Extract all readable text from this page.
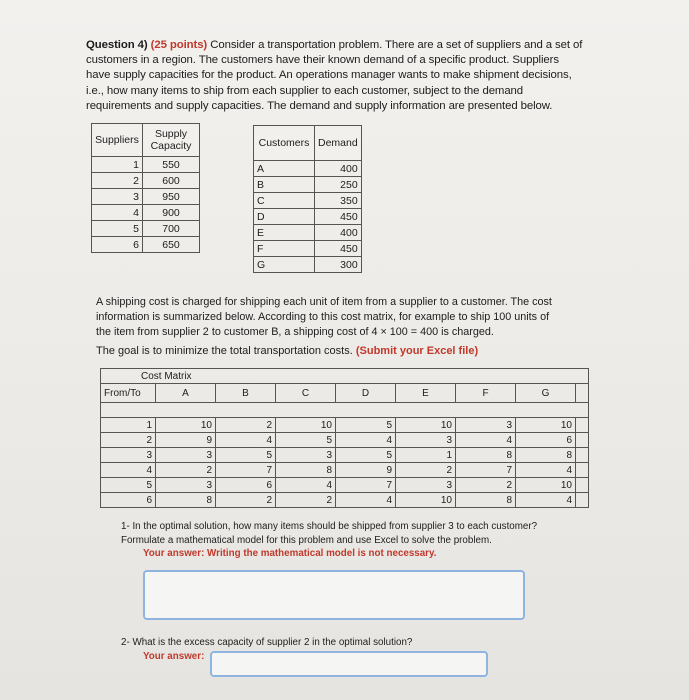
Question 4) (25 points) Consider a transportation problem. There are a set of suppliers and a set of customers in a region. The customers have their known demand of a specific product. Suppliers have supply capacities for the product. An operations manager wants to make shipment decisions, i.e., how many items to ship from each supplier to each customer, subject to the demand requirements and supply capacities. The demand and supply information are presented below.
Suppliers	Supply Capacity
1	550
2	600
3	950
4	900
5	700
6	650
Customers	Demand
A	400
B	250
C	350
D	450
E	400
F	450
G	300
A shipping cost is charged for shipping each unit of item from a supplier to a customer. The cost information is summarized below. According to this cost matrix, for example to ship 100 units of the item from supplier 2 to customer B, a shipping cost of 4 × 100 = 400 is charged.
The goal is to minimize the total transportation costs. (Submit your Excel file)
Cost Matrix								
From/To	A	B	C	D	E	F	G	

1	10	2	10	5	10	3	10	
2	9	4	5	4	3	4	6	
3	3	5	3	5	1	8	8	
4	2	7	8	9	2	7	4	
5	3	6	4	7	3	2	10	
6	8	2	2	4	10	8	4	
1- In the optimal solution, how many items should be shipped from supplier 3 to each customer? Formulate a mathematical model for this problem and use Excel to solve the problem.
Your answer: Writing the mathematical model is not necessary.
2- What is the excess capacity of supplier 2 in the optimal solution?
Your answer:
